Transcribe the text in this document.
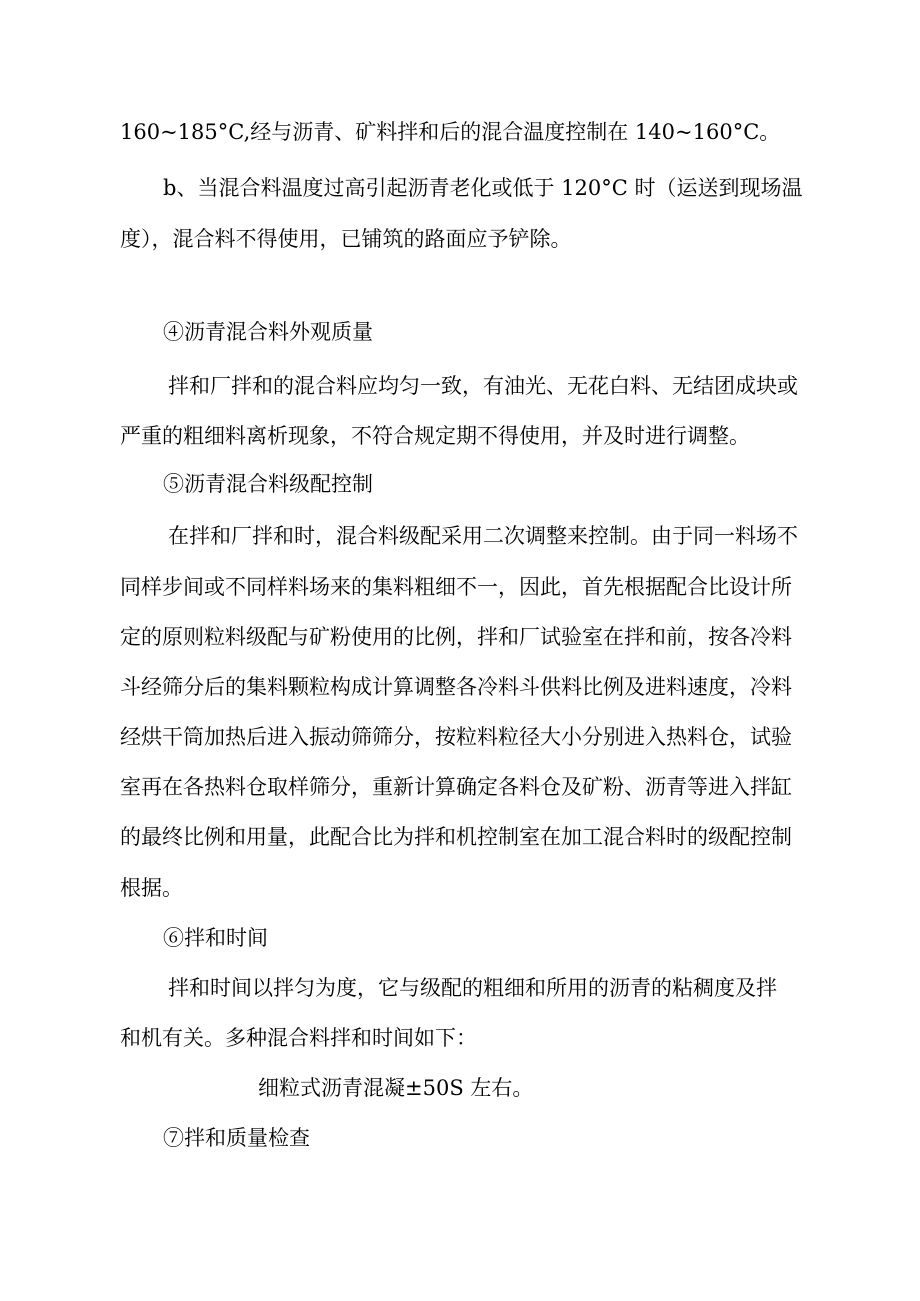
160~185°C,经与沥青、矿料拌和后的混合温度控制在 140~160°C。

b、当混合料温度过高引起沥青老化或低于 120°C 时（运送到现场温

度），混合料不得使用，已铺筑的路面应予铲除。

④沥青混合料外观质量

拌和厂拌和的混合料应均匀一致，有油光、无花白料、无结团成块或

严重的粗细料离析现象，不符合规定期不得使用，并及时进行调整。

⑤沥青混合料级配控制

在拌和厂拌和时，混合料级配采用二次调整来控制。由于同一料场不

同样步间或不同样料场来的集料粗细不一，因此，首先根据配合比设计所

定的原则粒料级配与矿粉使用的比例，拌和厂试验室在拌和前，按各冷料

斗经筛分后的集料颗粒构成计算调整各冷料斗供料比例及进料速度，冷料

经烘干筒加热后进入振动筛筛分，按粒料粒径大小分别进入热料仓，试验

室再在各热料仓取样筛分，重新计算确定各料仓及矿粉、沥青等进入拌缸

的最终比例和用量，此配合比为拌和机控制室在加工混合料时的级配控制

根据。

⑥拌和时间

拌和时间以拌匀为度，它与级配的粗细和所用的沥青的粘稠度及拌

和机有关。多种混合料拌和时间如下：

细粒式沥青混凝±50S 左右。

⑦拌和质量检查
